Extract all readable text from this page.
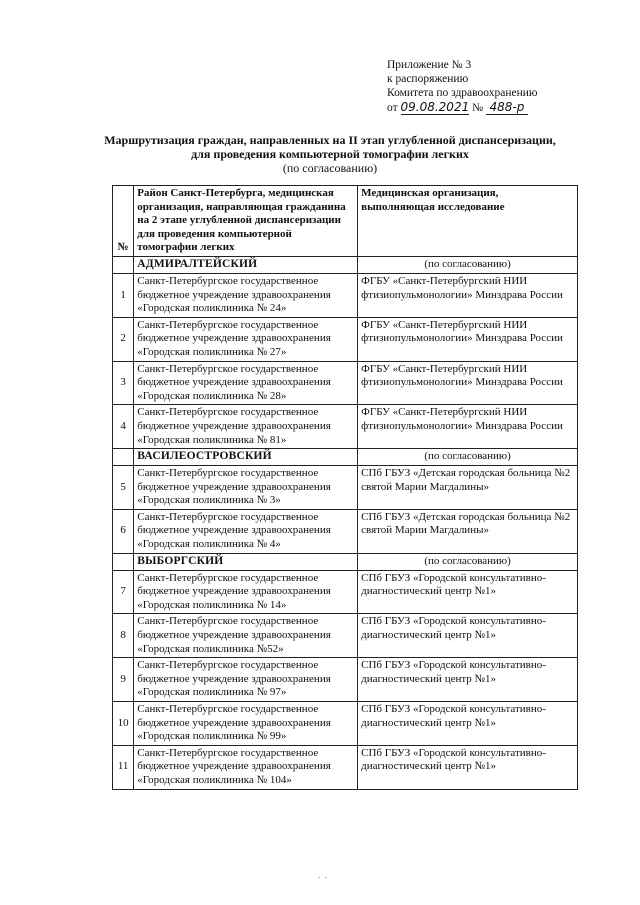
Приложение № 3
к распоряжению
Комитета по здравоохранению
от 09.08.2021 № 488-р
Маршрутизация граждан, направленных на II этап углубленной диспансеризации,
для проведения компьютерной томографии легких
(по согласованию)
№	Район Санкт-Петербурга, медицинская организация, направляющая гражданина на 2 этапе углубленной диспансеризации для проведения компьютерной томографии легких	Медицинская организация, выполняющая исследование
	АДМИРАЛТЕЙСКИЙ	(по согласованию)
1	Санкт-Петербургское государственное бюджетное учреждение здравоохранения «Городская поликлиника № 24»	ФГБУ «Санкт-Петербургский НИИ фтизиопульмонологии» Минздрава России
2	Санкт-Петербургское государственное бюджетное учреждение здравоохранения «Городская поликлиника № 27»	ФГБУ «Санкт-Петербургский НИИ фтизиопульмонологии» Минздрава России
3	Санкт-Петербургское государственное бюджетное учреждение здравоохранения «Городская поликлиника № 28»	ФГБУ «Санкт-Петербургский НИИ фтизиопульмонологии» Минздрава России
4	Санкт-Петербургское государственное бюджетное учреждение здравоохранения «Городская поликлиника № 81»	ФГБУ «Санкт-Петербургский НИИ фтизиопульмонологии» Минздрава России
	ВАСИЛЕОСТРОВСКИЙ	(по согласованию)
5	Санкт-Петербургское государственное бюджетное учреждение здравоохранения «Городская поликлиника № 3»	СПб ГБУЗ «Детская городская больница №2 святой Марии Магдалины»
6	Санкт-Петербургское государственное бюджетное учреждение здравоохранения «Городская поликлиника № 4»	СПб ГБУЗ «Детская городская больница №2 святой Марии Магдалины»
	ВЫБОРГСКИЙ	(по согласованию)
7	Санкт-Петербургское государственное бюджетное учреждение здравоохранения «Городская поликлиника № 14»	СПб ГБУЗ «Городской консультативно-диагностический центр №1»
8	Санкт-Петербургское государственное бюджетное учреждение здравоохранения «Городская поликлиника №52»	СПб ГБУЗ «Городской консультативно-диагностический центр №1»
9	Санкт-Петербургское государственное бюджетное учреждение здравоохранения «Городская поликлиника № 97»	СПб ГБУЗ «Городской консультативно-диагностический центр №1»
10	Санкт-Петербургское государственное бюджетное учреждение здравоохранения «Городская поликлиника № 99»	СПб ГБУЗ «Городской консультативно-диагностический центр №1»
11	Санкт-Петербургское государственное бюджетное учреждение здравоохранения «Городская поликлиника № 104»	СПб ГБУЗ «Городской консультативно-диагностический центр №1»
.  .
